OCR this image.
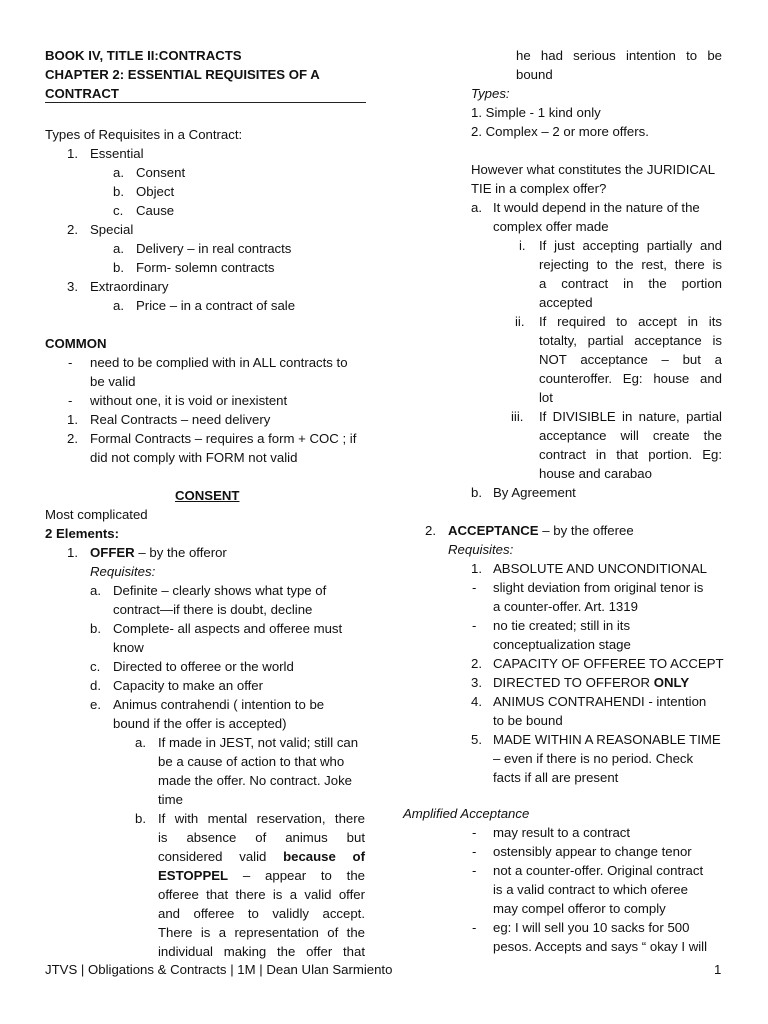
BOOK IV, TITLE II:CONTRACTS
CHAPTER 2: ESSENTIAL REQUISITES OF A
CONTRACT
Types of Requisites in a Contract:
1. Essential
a. Consent
b. Object
c. Cause
2. Special
a. Delivery – in real contracts
b. Form- solemn contracts
3. Extraordinary
a. Price – in a contract of sale
COMMON
- need to be complied with in ALL contracts to
be valid
- without one, it is void or inexistent
1. Real Contracts – need delivery
2. Formal Contracts – requires a form + COC ; if
did not comply with FORM not valid
CONSENT
Most complicated
2 Elements:
1. OFFER – by the offeror
Requisites:
a. Definite – clearly shows what type of
contract—if there is doubt, decline
b. Complete- all aspects and offeree must
know
c. Directed to offeree or the world
d. Capacity to make an offer
e. Animus contrahendi ( intention to be
bound if the offer is accepted)
a. If made in JEST, not valid; still can
be a cause of action to that who
made the offer. No contract. Joke
time
b. If with mental reservation, there
is absence of animus but
considered valid because of
ESTOPPEL – appear to the
offeree that there is a valid offer
and offeree to validly accept.
There is a representation of the
individual making the offer that
he had serious intention to be
bound
Types:
1. Simple - 1 kind only
2. Complex – 2 or more offers.
However what constitutes the JURIDICAL
TIE in a complex offer?
a. It would depend in the nature of the
complex offer made
i. If just accepting partially and
rejecting to the rest, there is
a contract in the portion
accepted
ii. If required to accept in its
totalty, partial acceptance is
NOT acceptance – but a
counteroffer. Eg: house and
lot
iii. If DIVISIBLE in nature, partial
acceptance will create the
contract in that portion. Eg:
house and carabao
b. By Agreement
2. ACCEPTANCE – by the offeree
Requisites:
1. ABSOLUTE AND UNCONDITIONAL
- slight deviation from original tenor is
a counter-offer. Art. 1319
- no tie created; still in its
conceptualization stage
2. CAPACITY OF OFFEREE TO ACCEPT
3. DIRECTED TO OFFEROR ONLY
4. ANIMUS CONTRAHENDI - intention
to be bound
5. MADE WITHIN A REASONABLE TIME
– even if there is no period. Check
facts if all are present
Amplified Acceptance
- may result to a contract
- ostensibly appear to change tenor
- not a counter-offer. Original contract
is a valid contract to which oferee
may compel offeror to comply
- eg: I will sell you 10 sacks for 500
pesos. Accepts and says “ okay I will
JTVS | Obligations & Contracts | 1M | Dean Ulan Sarmiento	1
